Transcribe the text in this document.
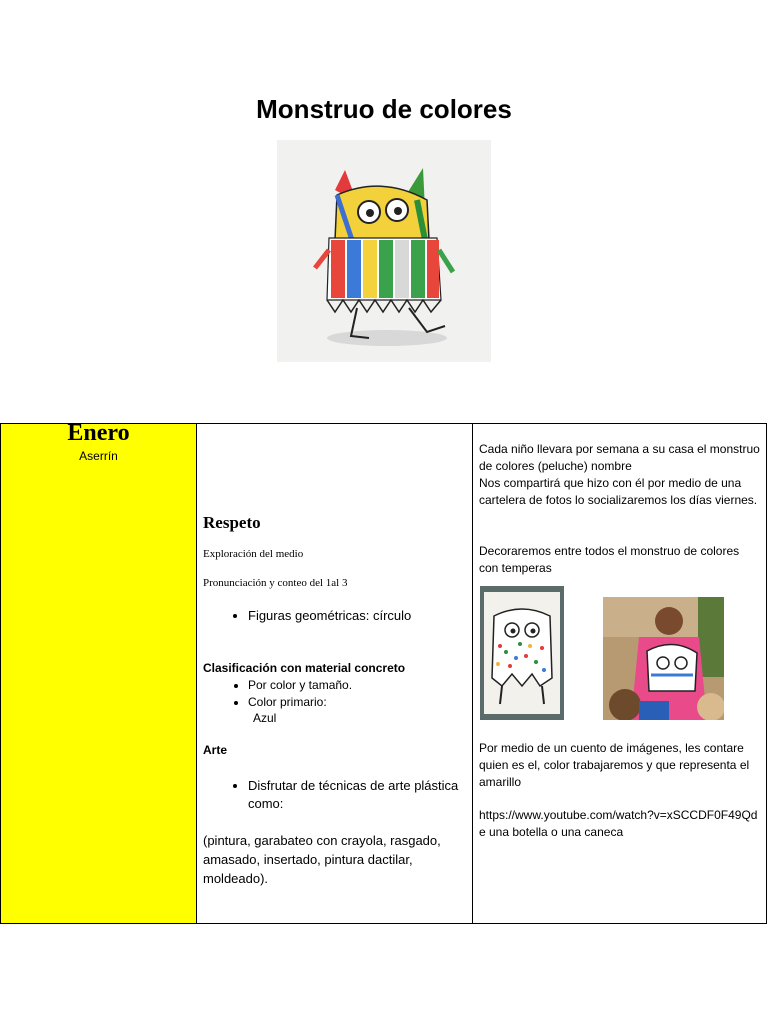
Monstruo de colores
Enero
Aserrín

Respeto
Exploración del medio
Pronunciación y conteo del 1al 3
• Figuras geométricas: círculo
Clasificación con material concreto
• Por color y tamaño.
• Color primario:
Azul
Arte
• Disfrutar de técnicas de arte plástica como:
(pintura, garabateo con crayola, rasgado, amasado, insertado, pintura dactilar, moldeado).

Cada niño llevara por semana a su casa el monstruo de colores (peluche) nombre
Nos compartirá que hizo con él por medio de una cartelera de fotos lo socializaremos los días viernes.
Decoraremos entre todos el monstruo de colores con temperas
Por medio de un cuento de imágenes, les contare quien es el, color trabajaremos y que representa el amarillo
https://www.youtube.com/watch?v=xSCCDF0F49Qde una botella o una caneca
